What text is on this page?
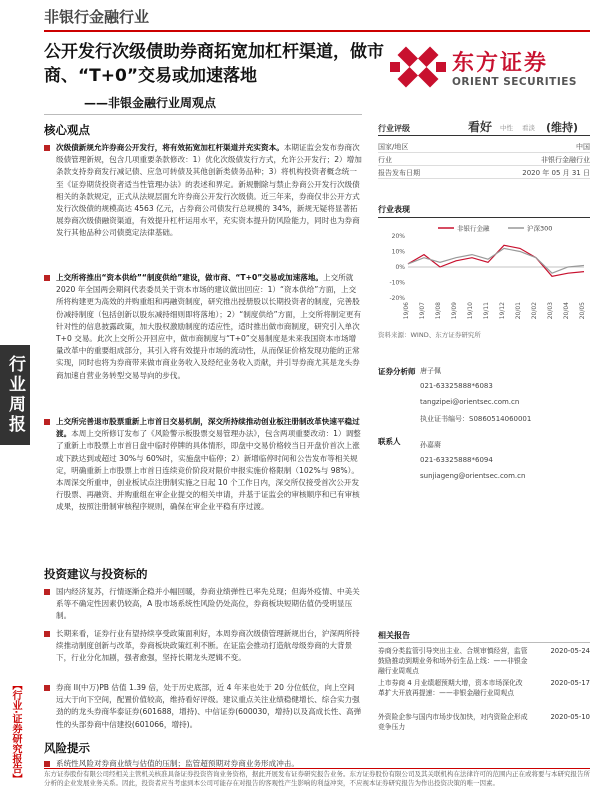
非银行金融行业
公开发行次级债助券商拓宽加杠杆渠道，做市商、“T+0”交易或加速落地
——非银金融行业周观点
东方证券
ORIENT SECURITIES
行业周报
【行业·证券研究报告】
核心观点
次级债新规允许券商公开发行，将有效拓宽加杠杆渠道并充实资本。本期证监会发布券商次级债管理新规，包含几项重要条款修改：1）优化次级债发行方式，允许公开发行；2）增加条款支持券商发行减记债、应急可转债及其他创新类债务品种；3）将机构投资者概念统一至《证券期货投资者适当性管理办法》的表述和界定。新规删除与禁止券商公开发行次级债相关的条款规定，正式从法规层面允许券商公开发行次级债。近三年来，券商仅非公开方式发行次级债的规模高达 4563 亿元，占券商公司债发行总规模的 34%，新规无疑将显著拓展券商次级债融资渠道，有效提升杠杆运用水平，充实资本提升防风险能力，同时也为券商发行其他品种公司债奠定法律基础。
上交所将推出“资本供给”“制度供给”建设，做市商、“T+0”交易或加速落地。上交所就 2020 年全国两会期间代表委员关于资本市场的建议做出回应：1）“资本供给”方面，上交所将构建更为高效的并购重组和再融资制度，研究推出授册股以长期投资者的制度，完善股份减持制度（包括创新以股东减持细则即将落地）；2）“制度供给”方面，上交所将制定更有针对性的信息披露政策，加大股权激励制度的适应性，适时推出做市商制度，研究引入单次 T+0 交易。此次上交所公开回应中，做市商制度与“T+0”交易制度是未来我国资本市场增量改革中的重要组成部分，其引入将有效提升市场的流动性，从而保证价格发现功能的正常实现，同时也将为券商带来做市商业务收入及经纪业务收入贡献，并引导券商尤其是龙头券商加速自营业务转型交易导向的步伐。
上交所完善退市股票重新上市首日交易机制，深交所持续推动创业板注册制改革快速平稳过渡。本周上交所修订发布了《风险警示板股票交易管理办法》，包含两项重要改动：1）调整了重新上市股票上市首日盘中临时停牌的具体情形，即盘中交易价格较当日开盘价首次上涨或下跌达到或超过 30%与 60%时，实施盘中临停；2）新增临停时间和公告发布等相关规定，明确重新上市股票上市首日连续竞价阶段对限价申报实施价格限制（102%与 98%）。本周深交所重申，创业板试点注册制实施之日起 10 个工作日内，深交所仅接受首次公开发行股票、再融资、并购重组在审企业提交的相关申请，并基于证监会的审核顺序和已有审核成果，按照注册制审核程序规则，确保在审企业平稳有序过渡。
投资建议与投资标的
国内经济复苏，行情逐渐企稳并小幅回暖，券商业绩弹性已率先兑现；但海外疫情、中美关系等不确定性因素仍较高，A 股市场系统性风险仍处高位，券商板块短期估值仍受明显压制。
长期来看，证券行业有望持续享受政策面利好，本周券商次级债管理新规出台，沪深两所持续推动制度创新与改革，券商板块政策红利不断。在证监会推动打造航母级券商的大背景下，行业分化加剧，强者愈强，坚持长期龙头逻辑不变。
券商 II(中万)PB 估值 1.39 倍，处于历史底部，近 4 年来也处于 20 分位低位，向上空间远大于向下空间，配置价值较高，维持看好评级。建议重点关注业绩稳健增长、综合实力强劲的的龙头券商华泰证券(601688，增持)、中信证券(600030，增持)以及高成长性、高弹性的头部券商中信建投(601066，增持)。
风险提示
系统性风险对券商业绩与估值的压制；监管超预期对券商业务形成冲击。
行业评级	看好 中性 看淡 (维持)
国家/地区	中国
行业	非银行金融行业
报告发布日期	2020 年 05 月 31 日
行业表现
非银行金融	沪深300
20%
10%
0%
-10%
-20%
19/06 19/07 19/08 19/09 19/10 19/11 19/12 20/01 20/02 20/03 20/04 20/05
资料来源：WIND、东方证券研究所
证券分析师 唐子佩
021-63325888*6083
tangzipei@orientsec.com.cn
执业证书编号：S0860514060001
联系人	孙嘉赓
021-63325888*6094
sunjiageng@orientsec.com.cn
相关报告
券商分类监管引导突出主业、合规审慎经营，监管鼓励推动到期业务和场外衍生品上线：——非银金融行业周观点
2020-05-24
上市券商 4 月业绩超预期大增，资本市场深化改革扩大开放再提速：——非银金融行业周观点
2020-05-17
外资险企参与国内市场步伐加快，对内资险企形成竞争压力
2020-05-10
东方证券股份有限公司经相关主管机关核准具备证券投资咨询业务资格，据此开展发布证券研究报告业务。东方证券股份有限公司及其关联机构在法律许可的范围内正在或将要与本研究报告所分析的企业发展业务关系。因此，投资者应当考虑到本公司可能存在对报告的客观性产生影响的利益冲突，不应视本证券研究报告为作出投资决策的唯一因素。
